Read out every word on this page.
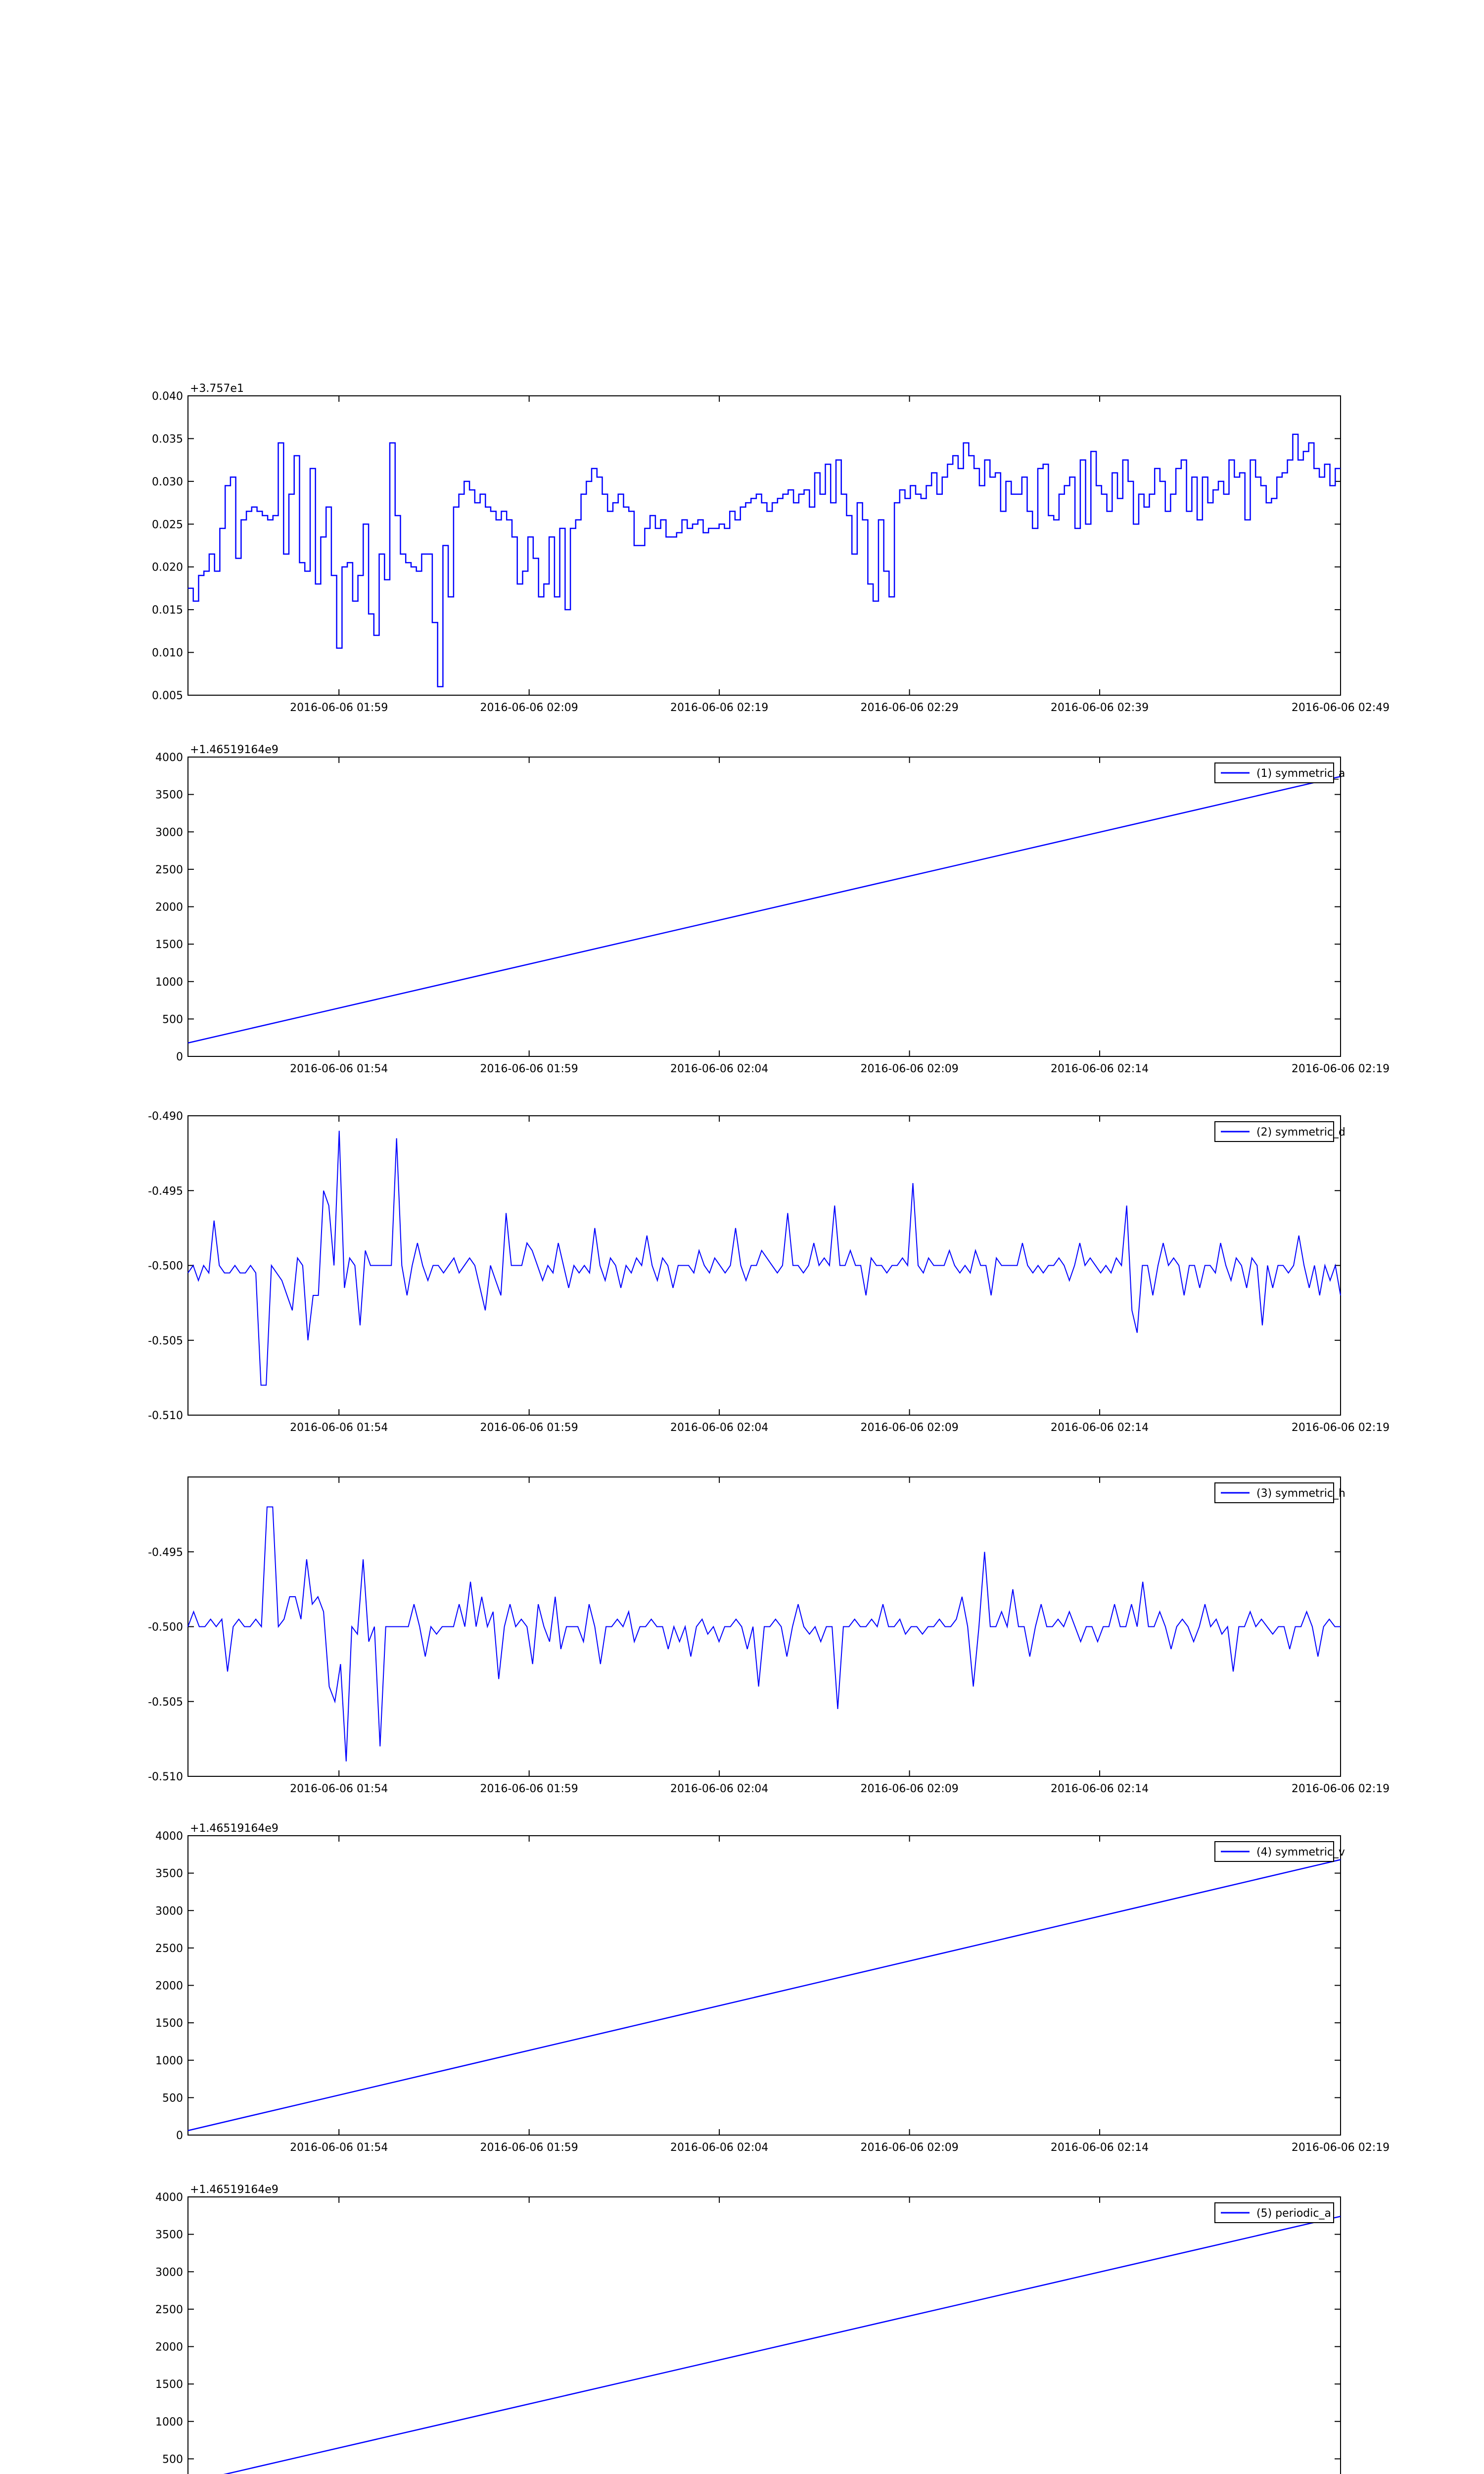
0.005
0.010
0.015
0.020
0.025
0.030
0.035
0.040
2016-06-06 01:59	2016-06-06 02:09	2016-06-06 02:19	2016-06-06 02:29	2016-06-06 02:39	2016-06-06 02:49
+3.757e1
0
500
1000
1500
2000
2500
3000
3500
4000
2016-06-06 01:54	2016-06-06 01:59	2016-06-06 02:04	2016-06-06 02:09	2016-06-06 02:14	2016-06-06 02:19
+1.46519164e9
(1) symmetric_a
-0.510
-0.505
-0.500
-0.495
-0.490
2016-06-06 01:54	2016-06-06 01:59	2016-06-06 02:04	2016-06-06 02:09	2016-06-06 02:14	2016-06-06 02:19
(2) symmetric_d
-0.510
-0.505
-0.500
-0.495
2016-06-06 01:54	2016-06-06 01:59	2016-06-06 02:04	2016-06-06 02:09	2016-06-06 02:14	2016-06-06 02:19
(3) symmetric_h
0
500
1000
1500
2000
2500
3000
3500
4000
2016-06-06 01:54	2016-06-06 01:59	2016-06-06 02:04	2016-06-06 02:09	2016-06-06 02:14	2016-06-06 02:19
+1.46519164e9
(4) symmetric_v
500
1000
1500
2000
2500
3000
3500
4000
+1.46519164e9
(5) periodic_a
